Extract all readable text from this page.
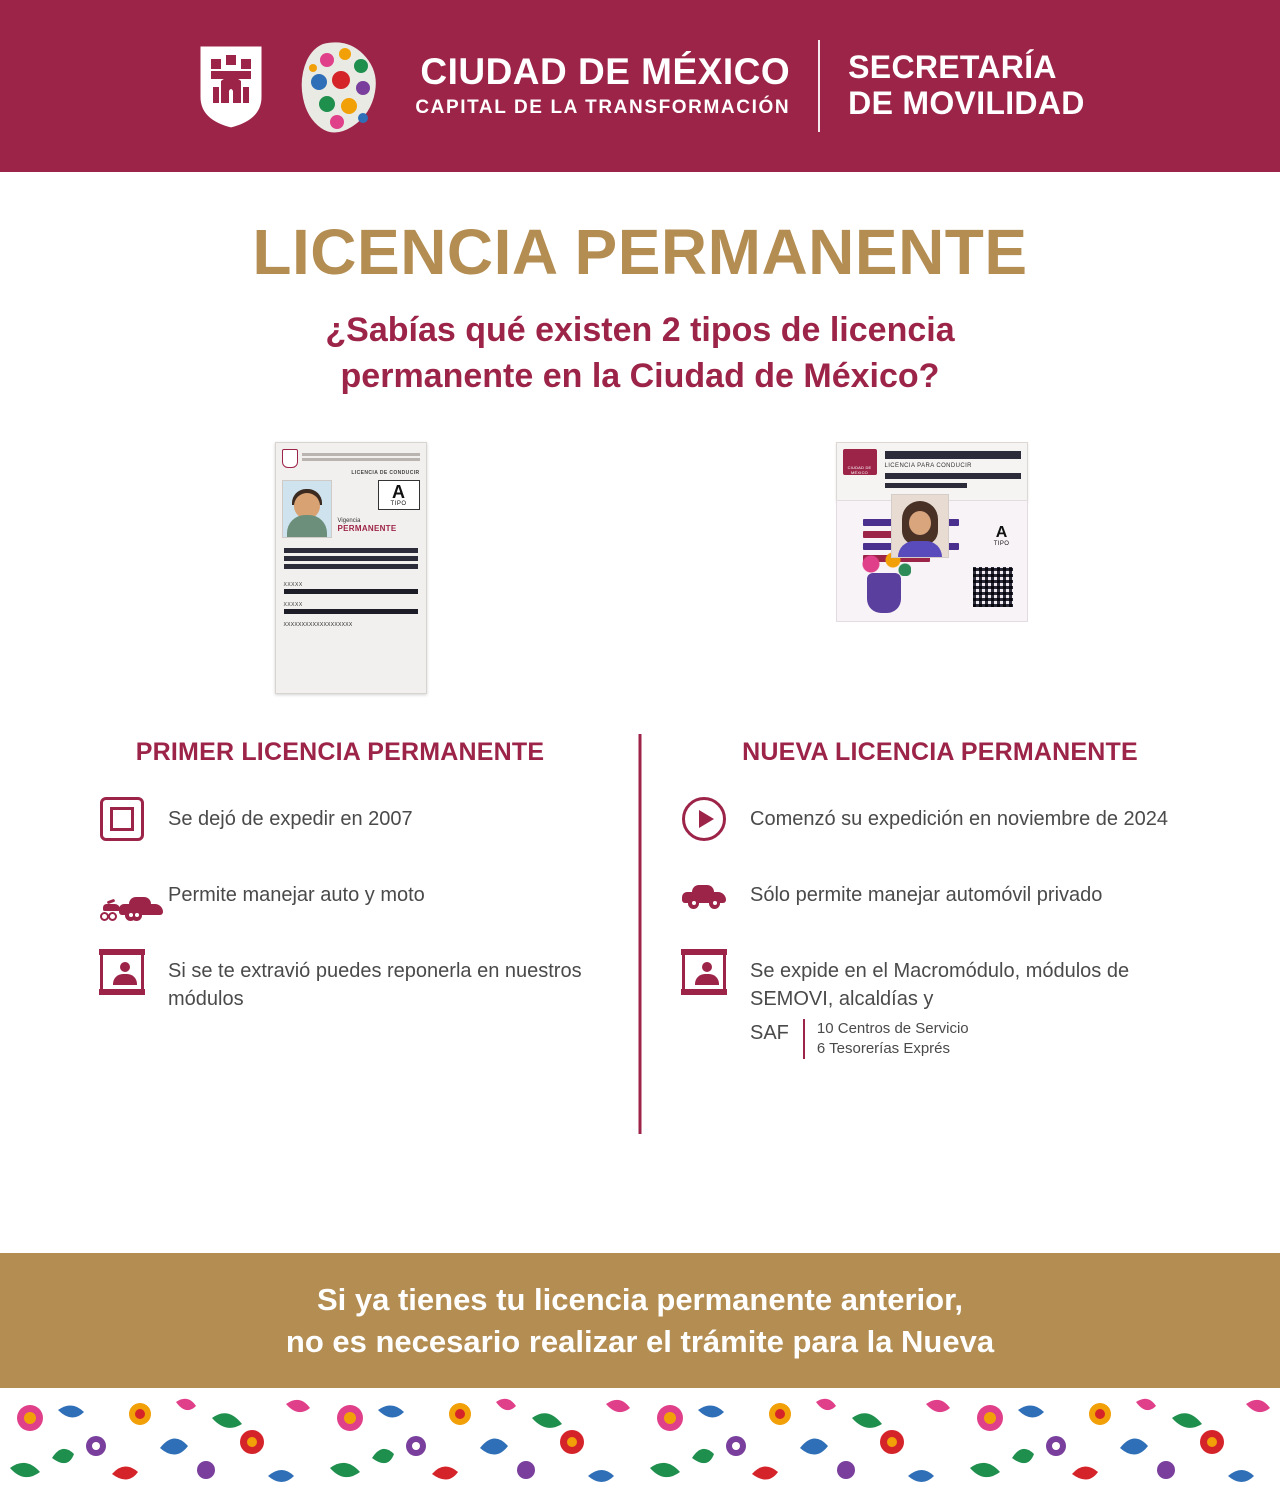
CIUDAD DE MÉXICO
CAPITAL DE LA TRANSFORMACIÓN
SECRETARÍA
DE MOVILIDAD
LICENCIA PERMANENTE
¿Sabías qué existen 2 tipos de licencia permanente en la Ciudad de México?
LICENCIA DE CONDUCIR
A
TIPO
Vigencia
PERMANENTE
XXXXX
XXXXX
XXXXXXXXXXXXXXXXXXX
CIUDAD DE MÉXICO
LICENCIA PARA CONDUCIR
A
TIPO
PRIMER LICENCIA PERMANENTE
Se dejó de expedir en 2007
Permite manejar auto y moto
Si se te extravió puedes reponerla en nuestros módulos
NUEVA LICENCIA PERMANENTE
Comenzó su expedición en noviembre de 2024
Sólo permite manejar automóvil privado
Se expide en el Macromódulo, módulos de SEMOVI, alcaldías y
SAF 10 Centros de Servicio
6 Tesorerías Exprés

Si ya tienes tu licencia permanente anterior,
no es necesario realizar el trámite para la Nueva
